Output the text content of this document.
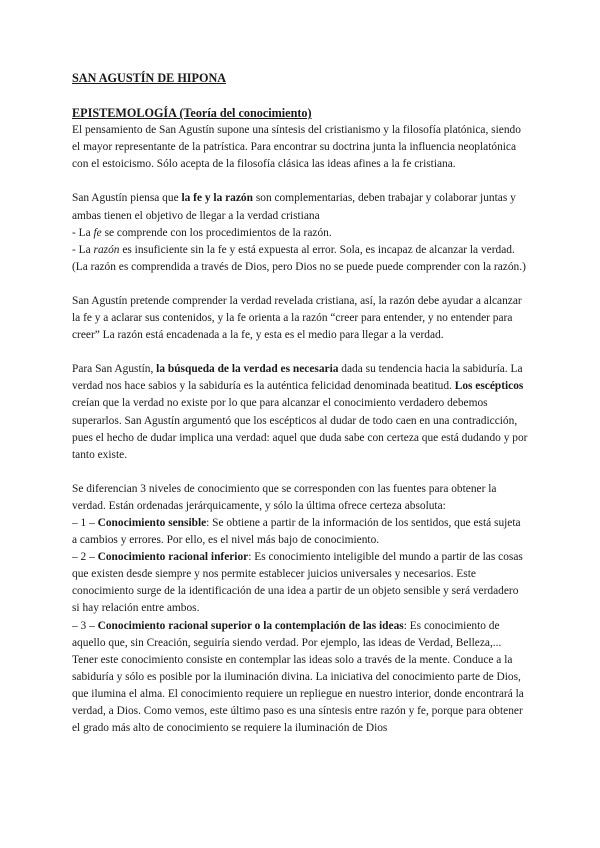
SAN AGUSTÍN DE HIPONA
EPISTEMOLOGÍA (Teoría del conocimiento)

El pensamiento de San Agustín supone una síntesis del cristianismo y la filosofía platónica, siendo el mayor representante de la patrística. Para encontrar su doctrina junta la influencia neoplatónica con el estoicismo. Sólo acepta de la filosofía clásica las ideas afines a la fe cristiana.

San Agustín piensa que la fe y la razón son complementarias, deben trabajar y colaborar juntas y ambas tienen el objetivo de llegar a la verdad cristiana

- La fe se comprende con los procedimientos de la razón.

- La razón es insuficiente sin la fe y está expuesta al error. Sola, es incapaz de alcanzar la verdad. (La razón es comprendida a través de Dios, pero Dios no se puede puede comprender con la razón.)

San Agustín pretende comprender la verdad revelada cristiana, así, la razón debe ayudar a alcanzar la fe y a aclarar sus contenidos, y la fe orienta a la razón “creer para entender, y no entender para creer” La razón está encadenada a la fe, y esta es el medio para llegar a la verdad.

Para San Agustín, la búsqueda de la verdad es necesaria dada su tendencia hacia la sabiduría. La verdad nos hace sabios y la sabiduría es la auténtica felicidad denominada beatitud. Los escépticos creían que la verdad no existe por lo que para alcanzar el conocimiento verdadero debemos superarlos. San Agustín argumentó que los escépticos al dudar de todo caen en una contradicción, pues el hecho de dudar implica una verdad: aquel que duda sabe con certeza que está dudando y por tanto existe.

Se diferencian 3 niveles de conocimiento que se corresponden con las fuentes para obtener la verdad. Están ordenadas jerárquicamente, y sólo la última ofrece certeza absoluta:

– 1 – Conocimiento sensible: Se obtiene a partir de la información de los sentidos, que está sujeta a cambios y errores. Por ello, es el nivel más bajo de conocimiento.

– 2 – Conocimiento racional inferior: Es conocimiento inteligible del mundo a partir de las cosas que existen desde siempre y nos permite establecer juicios universales y necesarios. Este conocimiento surge de la identificación de una idea a partir de un objeto sensible y será verdadero si hay relación entre ambos.

– 3 – Conocimiento racional superior o la contemplación de las ideas: Es conocimiento de aquello que, sin Creación, seguiría siendo verdad. Por ejemplo, las ideas de Verdad, Belleza,... Tener este conocimiento consiste en contemplar las ideas solo a través de la mente. Conduce a la sabiduría y sólo es posible por la iluminación divina. La iniciativa del conocimiento parte de Dios, que ilumina el alma. El conocimiento requiere un repliegue en nuestro interior, donde encontrará la verdad, a Dios. Como vemos, este último paso es una síntesis entre razón y fe, porque para obtener el grado más alto de conocimiento se requiere la iluminación de Dios
